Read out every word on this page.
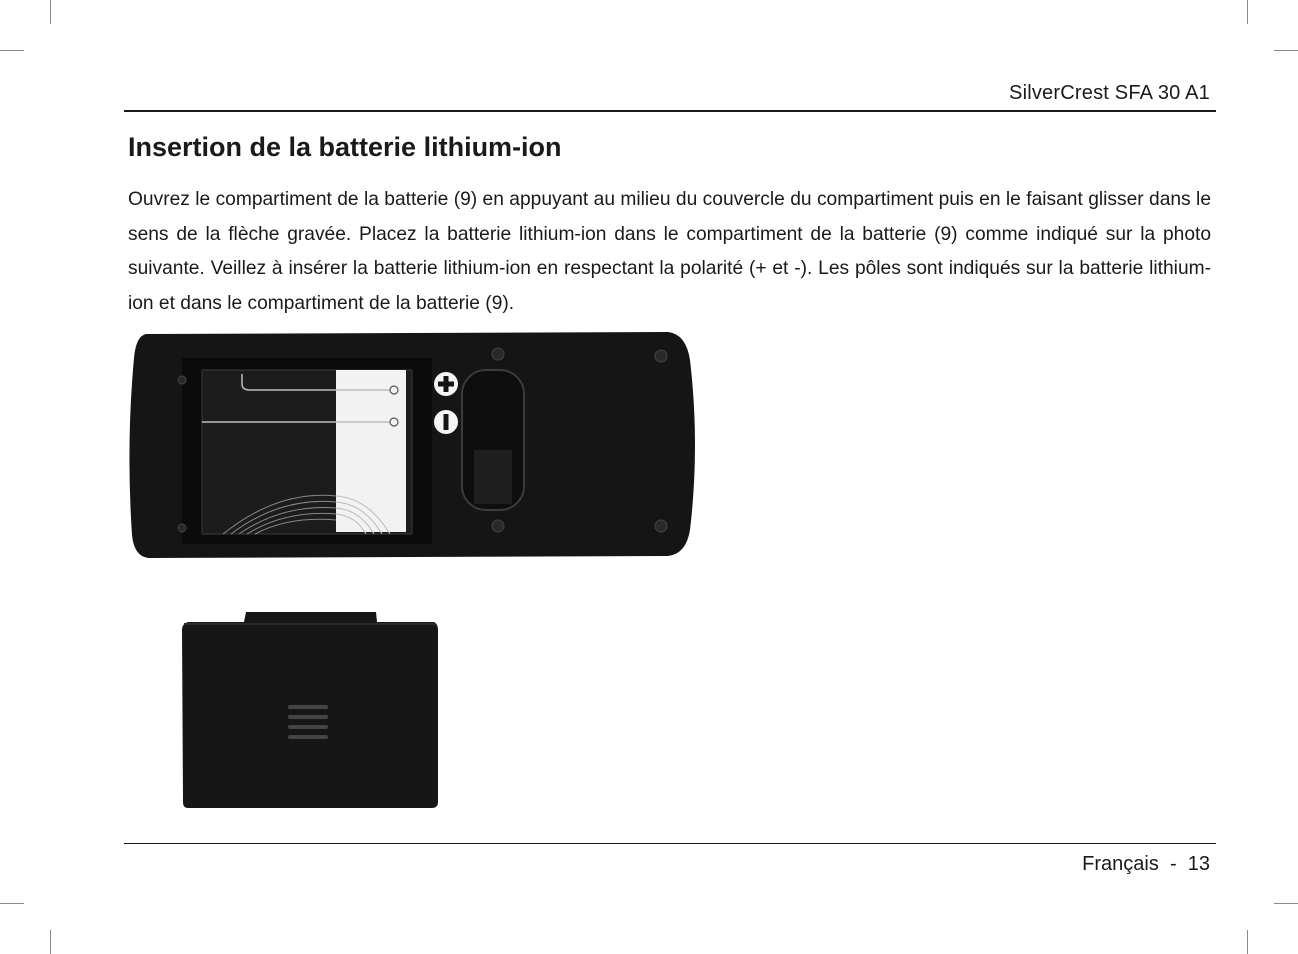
SilverCrest SFA 30 A1
Insertion de la batterie lithium-ion

Ouvrez le compartiment de la batterie (9) en appuyant au milieu du couvercle du compartiment puis en le faisant glisser dans le sens de la flèche gravée. Placez la batterie lithium-ion dans le compartiment de la batterie (9) comme indiqué sur la photo suivante. Veillez à insérer la batterie lithium-ion en respectant la polarité (+ et -). Les pôles sont indiqués sur la batterie lithium-ion et dans le compartiment de la batterie (9).

Français - 13
